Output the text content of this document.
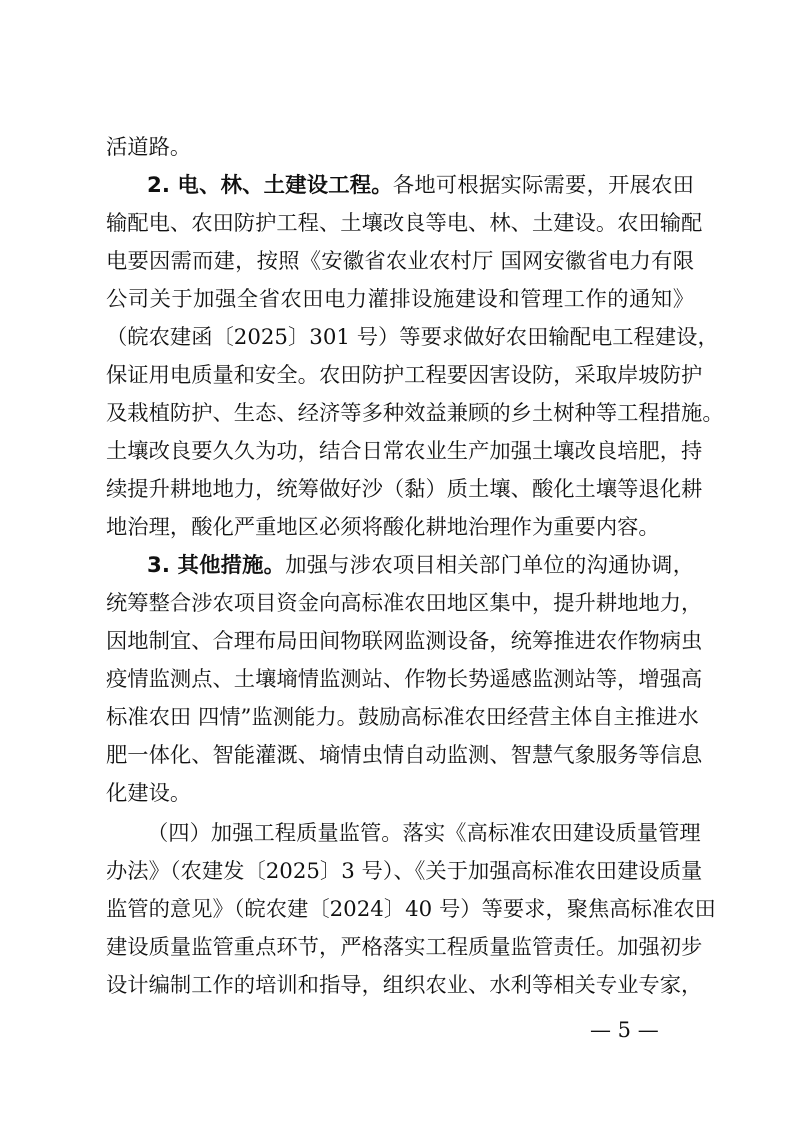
活道路。
2. 电、林、土建设工程。各地可根据实际需要，开展农田
输配电、农田防护工程、土壤改良等电、林、土建设。农田输配
电要因需而建，按照《安徽省农业农村厅 国网安徽省电力有限
公司关于加强全省农田电力灌排设施建设和管理工作的通知》
（皖农建函〔2025〕301 号）等要求做好农田输配电工程建设，
保证用电质量和安全。农田防护工程要因害设防，采取岸坡防护
及栽植防护、生态、经济等多种效益兼顾的乡土树种等工程措施。
土壤改良要久久为功，结合日常农业生产加强土壤改良培肥，持
续提升耕地地力，统筹做好沙（黏）质土壤、酸化土壤等退化耕
地治理，酸化严重地区必须将酸化耕地治理作为重要内容。
3. 其他措施。加强与涉农项目相关部门单位的沟通协调，
统筹整合涉农项目资金向高标准农田地区集中，提升耕地地力，
因地制宜、合理布局田间物联网监测设备，统筹推进农作物病虫
疫情监测点、土壤墒情监测站、作物长势遥感监测站等，增强高
标准农田 四情”监测能力。鼓励高标准农田经营主体自主推进水
肥一体化、智能灌溉、墒情虫情自动监测、智慧气象服务等信息
化建设。
（四）加强工程质量监管。落实《高标准农田建设质量管理
办法》（农建发〔2025〕3 号）、《关于加强高标准农田建设质量
监管的意见》（皖农建〔2024〕40 号）等要求，聚焦高标准农田
建设质量监管重点环节，严格落实工程质量监管责任。加强初步
设计编制工作的培训和指导，组织农业、水利等相关专业专家，
— 5 —
